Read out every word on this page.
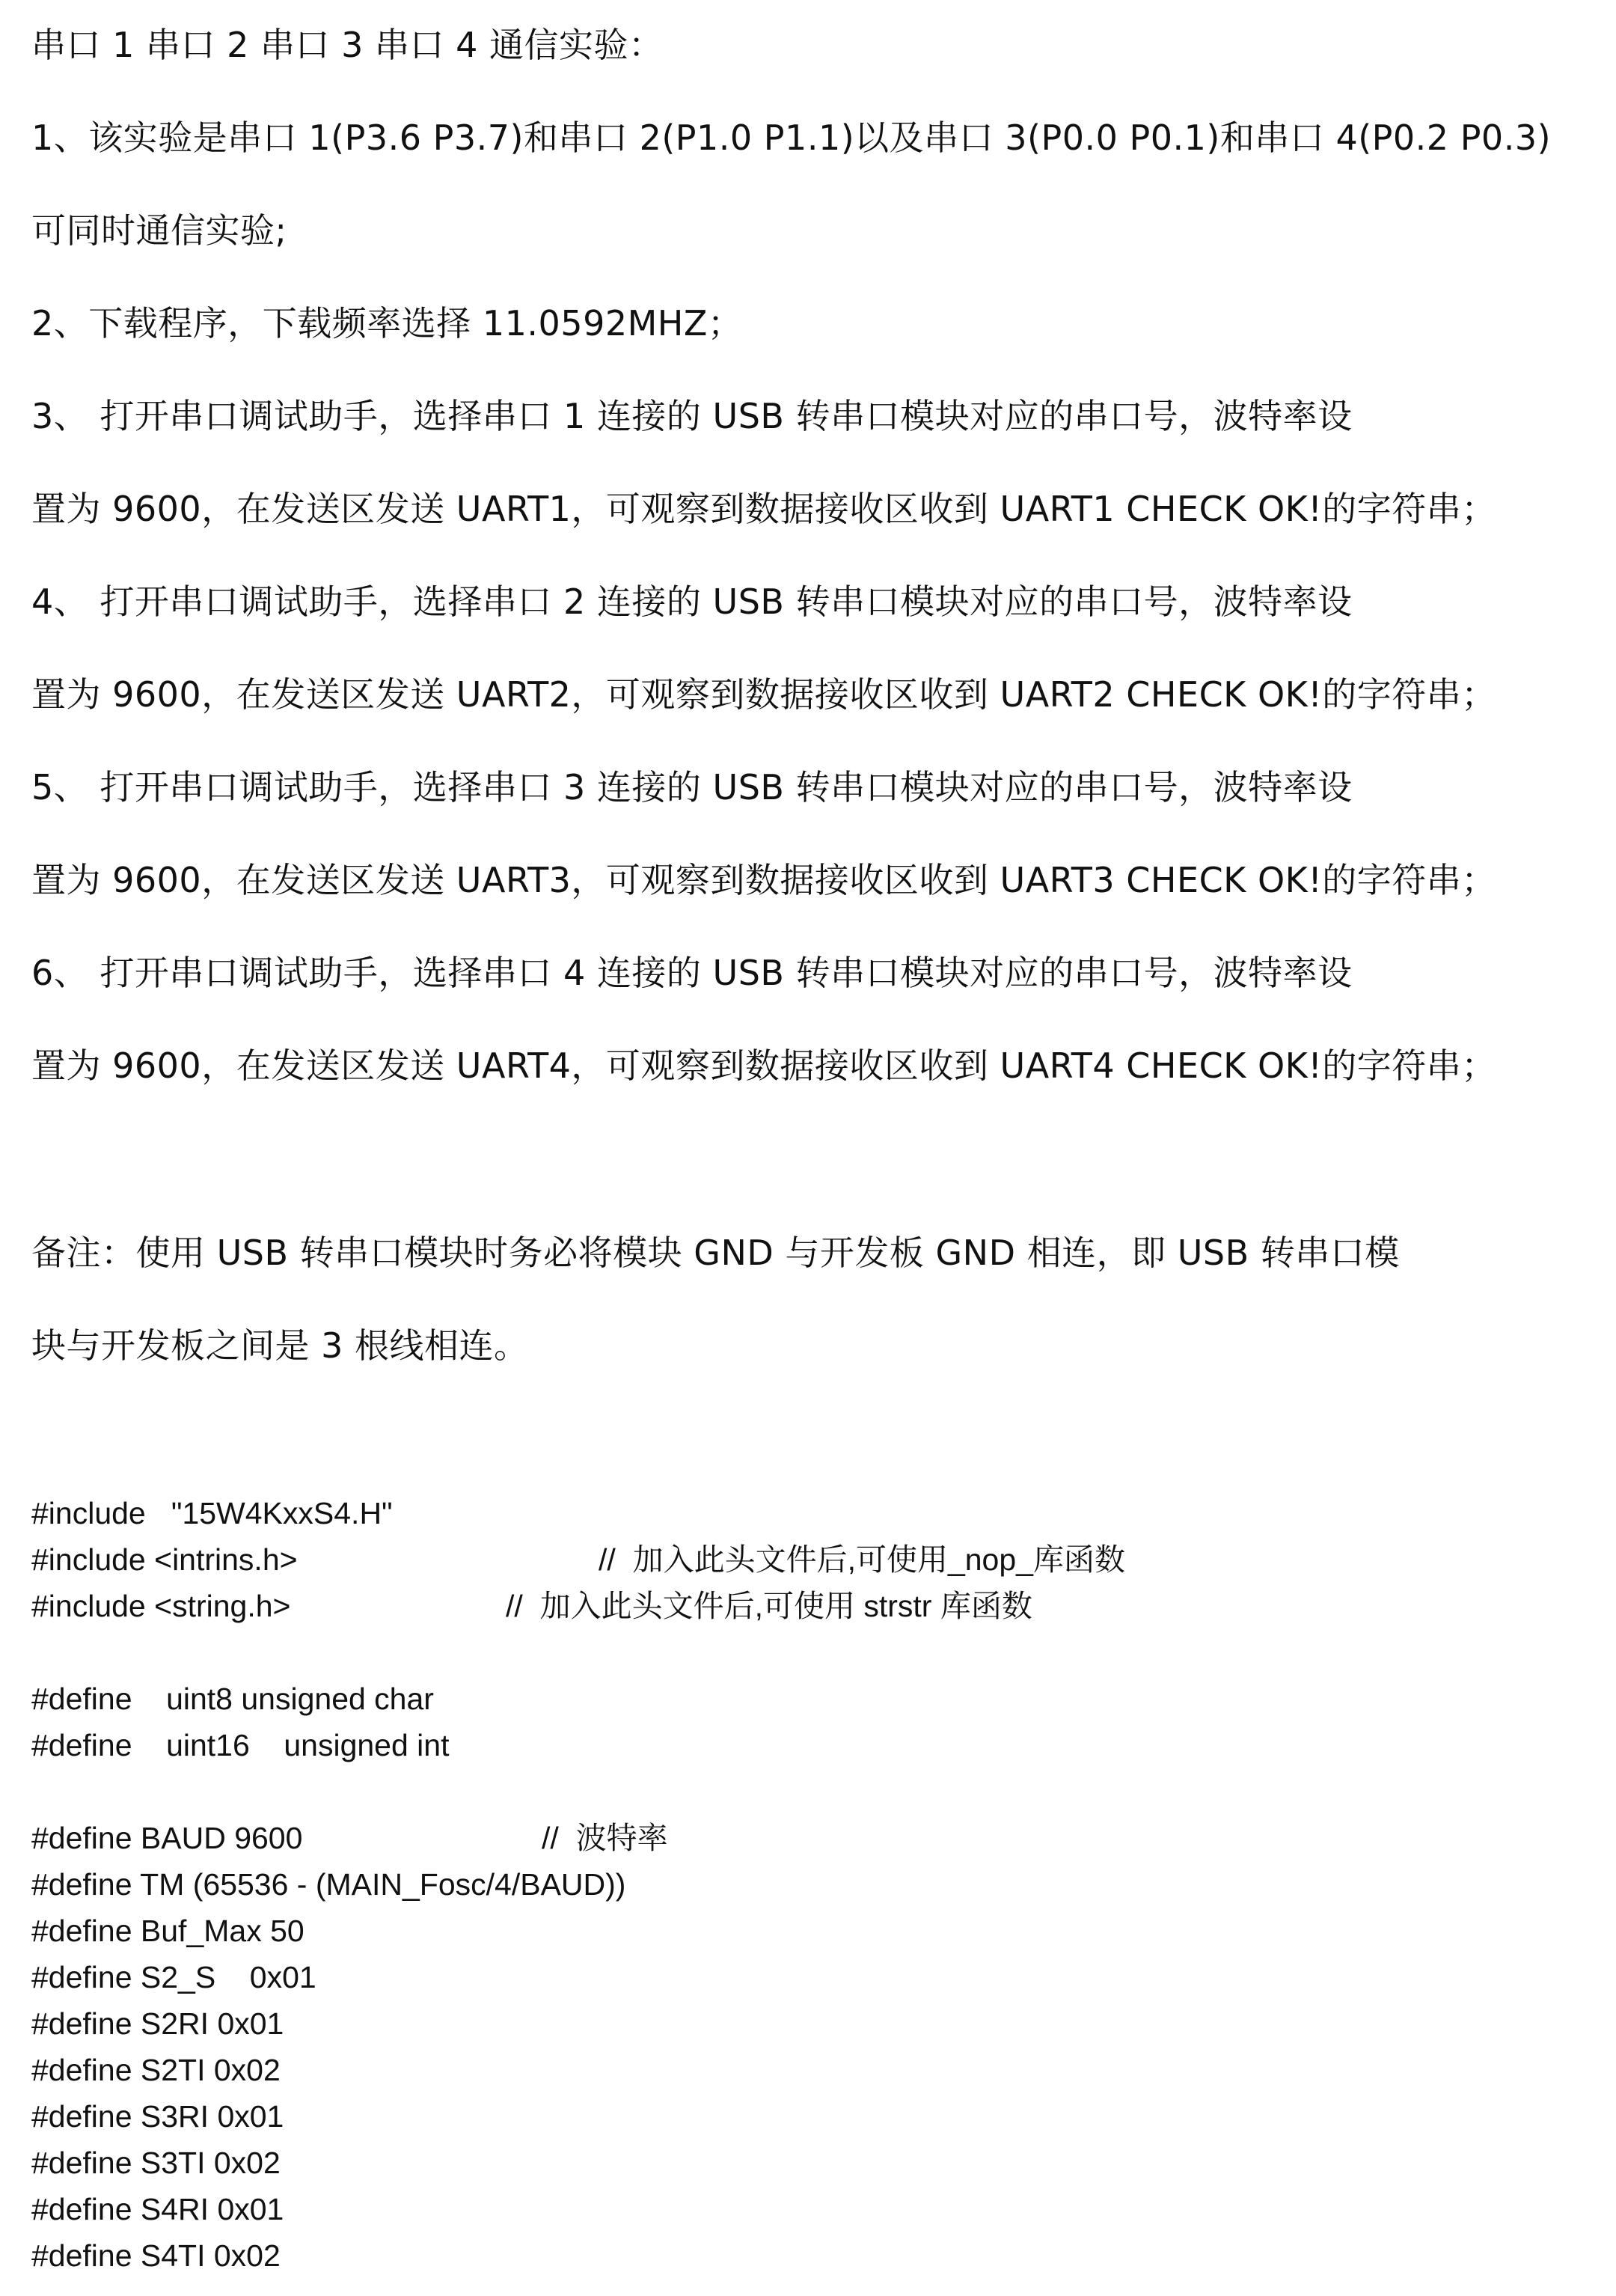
串口 1 串口 2 串口 3 串口 4 通信实验：
1、该实验是串口 1(P3.6 P3.7)和串口 2(P1.0 P1.1)以及串口 3(P0.0 P0.1)和串口 4(P0.2 P0.3)
可同时通信实验;
2、下载程序，下载频率选择 11.0592MHZ；
3、 打开串口调试助手，选择串口 1 连接的 USB 转串口模块对应的串口号，波特率设
置为 9600，在发送区发送 UART1，可观察到数据接收区收到 UART1 CHECK OK!的字符串；
4、 打开串口调试助手，选择串口 2 连接的 USB 转串口模块对应的串口号，波特率设
置为 9600，在发送区发送 UART2，可观察到数据接收区收到 UART2 CHECK OK!的字符串；
5、 打开串口调试助手，选择串口 3 连接的 USB 转串口模块对应的串口号，波特率设
置为 9600，在发送区发送 UART3，可观察到数据接收区收到 UART3 CHECK OK!的字符串；
6、 打开串口调试助手，选择串口 4 连接的 USB 转串口模块对应的串口号，波特率设
置为 9600，在发送区发送 UART4，可观察到数据接收区收到 UART4 CHECK OK!的字符串；
备注：使用 USB 转串口模块时务必将模块 GND 与开发板 GND 相连，即 USB 转串口模
块与开发板之间是 3 根线相连。
#include   "15W4KxxS4.H"
#include <intrins.h>	//  加入此头文件后,可使用_nop_库函数
#include <string.h>	//  加入此头文件后,可使用 strstr 库函数
#define    uint8 unsigned char
#define    uint16    unsigned int
#define BAUD 9600	//  波特率
#define TM (65536 - (MAIN_Fosc/4/BAUD))
#define Buf_Max 50
#define S2_S    0x01
#define S2RI 0x01
#define S2TI 0x02
#define S3RI 0x01
#define S3TI 0x02
#define S4RI 0x01
#define S4TI 0x02
